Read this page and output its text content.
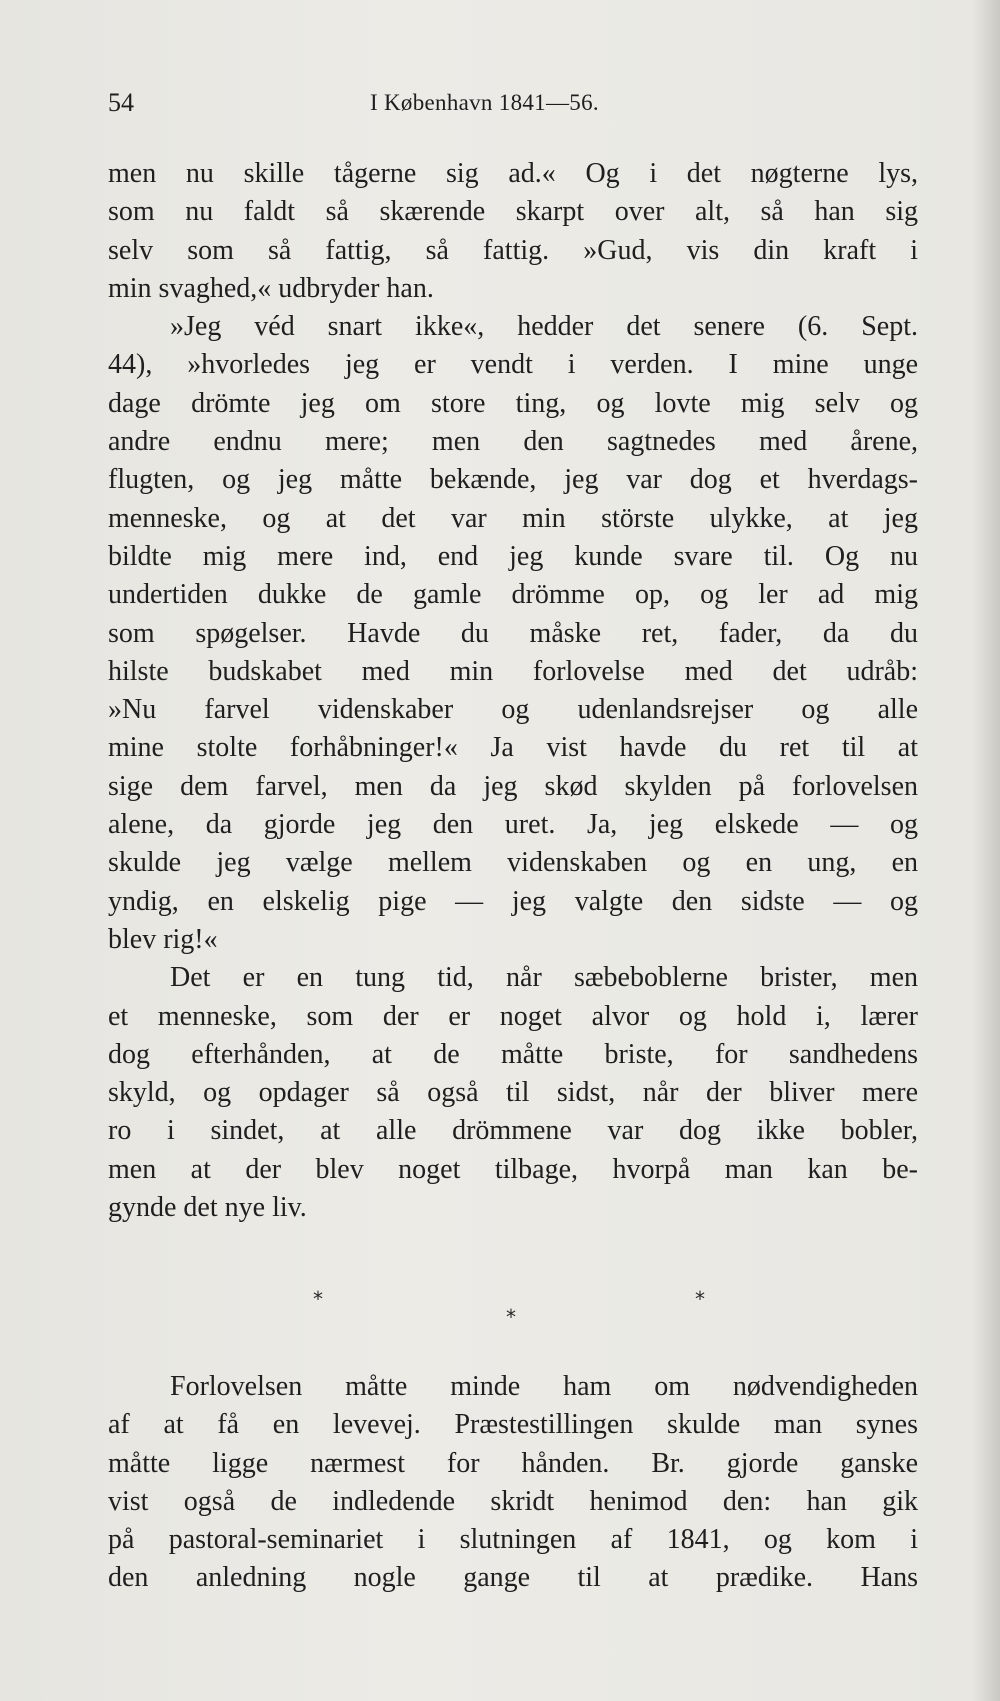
54	I København 1841—56.
men nu skille tågerne sig ad.« Og i det nøgterne lys,
som nu faldt så skærende skarpt over alt, så han sig
selv som så fattig, så fattig. »Gud, vis din kraft i
min svaghed,« udbryder han.
»Jeg véd snart ikke«, hedder det senere (6. Sept.
44), »hvorledes jeg er vendt i verden. I mine unge
dage drömte jeg om store ting, og lovte mig selv og
andre endnu mere; men den sagtnedes med årene,
flugten, og jeg måtte bekænde, jeg var dog et hverdags-
menneske, og at det var min störste ulykke, at jeg
bildte mig mere ind, end jeg kunde svare til. Og nu
undertiden dukke de gamle drömme op, og ler ad mig
som spøgelser. Havde du måske ret, fader, da du
hilste budskabet med min forlovelse med det udråb:
»Nu farvel videnskaber og udenlandsrejser og alle
mine stolte forhåbninger!« Ja vist havde du ret til at
sige dem farvel, men da jeg skød skylden på forlovelsen
alene, da gjorde jeg den uret. Ja, jeg elskede — og
skulde jeg vælge mellem videnskaben og en ung, en
yndig, en elskelig pige — jeg valgte den sidste — og
blev rig!«
Det er en tung tid, når sæbeboblerne brister, men
et menneske, som der er noget alvor og hold i, lærer
dog efterhånden, at de måtte briste, for sandhedens
skyld, og opdager så også til sidst, når der bliver mere
ro i sindet, at alle drömmene var dog ikke bobler,
men at der blev noget tilbage, hvorpå man kan be-
gynde det nye liv.
*
*
*
Forlovelsen måtte minde ham om nødvendigheden
af at få en levevej. Præstestillingen skulde man synes
måtte ligge nærmest for hånden. Br. gjorde ganske
vist også de indledende skridt henimod den: han gik
på pastoral-seminariet i slutningen af 1841, og kom i
den anledning nogle gange til at prædike. Hans
